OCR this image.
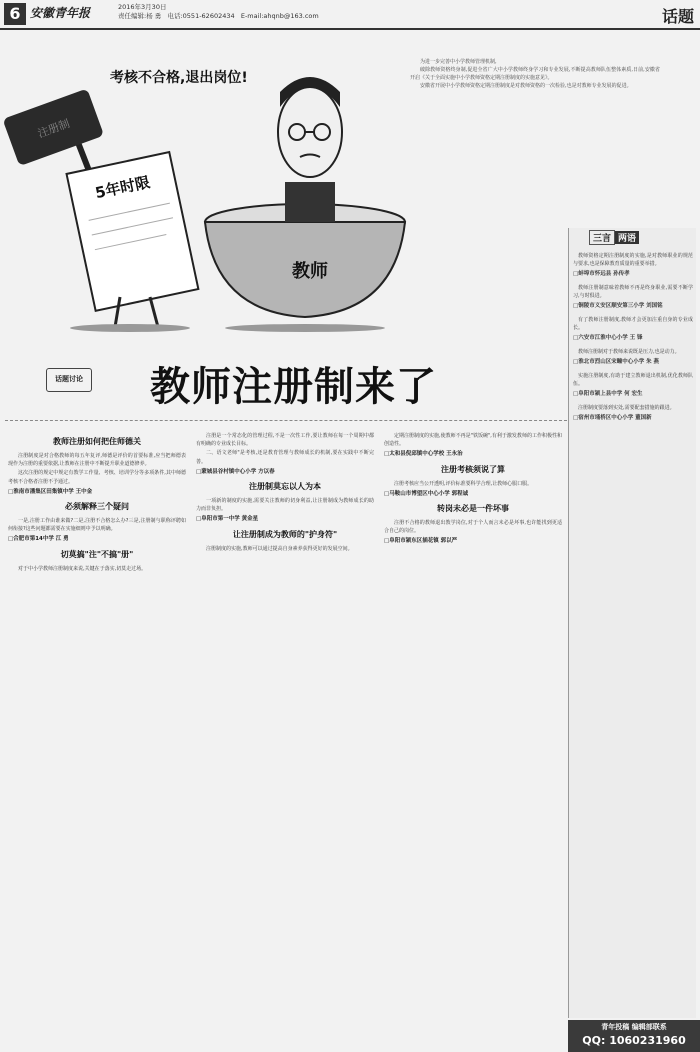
6 安徽青年报	2016年3月30日
责任编辑:杨 勇 电话:0551-62602434 E-mail:ahqnb@163.com	话题
注册制
5年时限
考核不合格,退出岗位!
教师

为进一步完善中小学教师管理机制,

破除教师资格终身制,促进全省广大中小学教师终身学习和专业发展,不断提高教师队伍整体素质,日前,安徽省开启《关于全面实施中小学教师资格定期注册制度的实施意见》。

安徽省开展中小学教师资格定期注册制度是对教师资格的一次检验,也是对教师专业发展的促进。

话题讨论 教师注册制来了
教师注册如何把住师德关

注册制度是对合格教师的每五年复评,师德是评价的首要标准,应当把师德表现作为注册的重要依据,让教师在注册中不断提升职业道德修养。

这次注册的规定中规定有教学工作量、考核、培训学分等多项条件,其中师德考核不合格者注册不予通过。

□淮南市潘集区田集镇中学 王中金
必须解释三个疑问

一是,注册工作由谁来做?二是,注册不合格怎么办?三是,注册制与职称评聘如何衔接?这些问题都需要在实施细则中予以明确。

□合肥市第14中学 江 勇
切莫搞"注"不搞"册"

对于中小学教师注册制度来说,关键在于落实,切莫走过场。

注册是一个常态化的管理过程,不是一次性工作,要让教师在每一个周期中都有明确的专业成长目标。

二、语文老师"是考核,还是教育管理与教师成长的机制,要在实践中不断完善。

□蒙城县谷村镇中心小学 方以春
注册制莫忘以人为本

一项新的制度的实施,需要关注教师的切身利益,让注册制成为教师成长的助力而非负担。

□阜阳市第一中学 黄金星
让注册制成为教师的"护身符"

注册制度的实施,教师可以通过提高自身素养获得更好的发展空间。

定期注册制度的实施,使教师不再是"铁饭碗",有利于激发教师的工作积极性和创造性。

□太和县倪邱镇中心学校 王永治
注册考核须说了算

注册考核应当公开透明,评价标准要科学合理,让教师心服口服。

□马鞍山市博望区中心小学 郭程诚
转岗未必是一件坏事

注册不合格的教师退出教学岗位,对于个人而言未必是坏事,也许能找到更适合自己的岗位。

□阜阳市颍东区插花镇 郭以严
三言 两语

教师资格定期注册制度的实施,是对教师职业的规范与要求,也是保障教育质量的重要举措。

□蚌埠市怀远县 孙传孝

教师注册制意味着教师不再是终身职业,需要不断学习,与时俱进。

□铜陵市义安区顺安第三小学 刘国铭

有了教师注册制度,教师才会更加注重自身的专业成长。

□六安市江淮中心小学 王 锋

教师注册制对于教师来说既是压力,也是动力。

□淮北市烈山区宋疃中心小学 朱 燕

实施注册制度,有助于建立教师退出机制,优化教师队伍。

□阜阳市颍上县中学 何 宏生

注册制度要落到实处,需要配套措施的跟进。

□宿州市埇桥区中心小学 董国新
青年投稿 编辑部联系
QQ: 1060231960
